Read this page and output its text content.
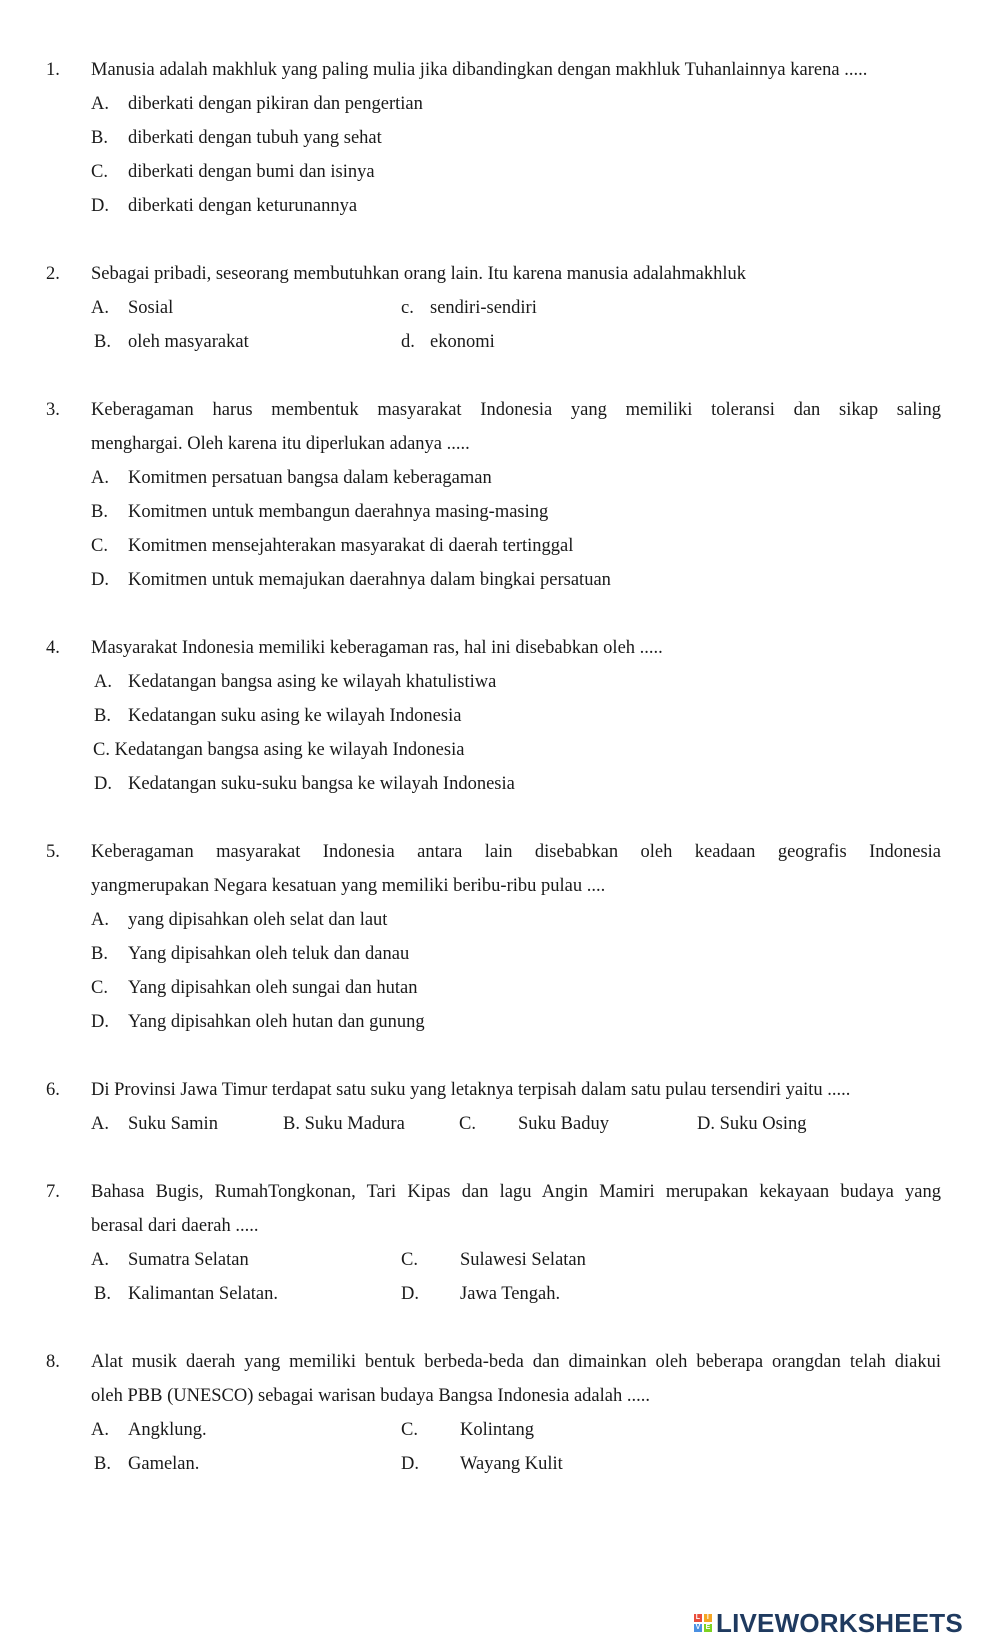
1. Manusia adalah makhluk yang paling mulia jika dibandingkan dengan makhluk Tuhanlainnya karena .....
A. diberkati dengan pikiran dan pengertian
B. diberkati dengan tubuh yang sehat
C. diberkati dengan bumi dan isinya
D. diberkati dengan keturunannya
2. Sebagai pribadi, seseorang membutuhkan orang lain. Itu karena manusia adalahmakhluk
A. Sosial	c. sendiri-sendiri
B. oleh masyarakat	d. ekonomi
3. Keberagaman harus membentuk masyarakat Indonesia yang memiliki toleransi dan sikap saling
menghargai. Oleh karena itu diperlukan adanya .....
A. Komitmen persatuan bangsa dalam keberagaman
B. Komitmen untuk membangun daerahnya masing-masing
C. Komitmen mensejahterakan masyarakat di daerah tertinggal
D. Komitmen untuk memajukan daerahnya dalam bingkai persatuan
4. Masyarakat Indonesia memiliki keberagaman ras, hal ini disebabkan oleh .....
A. Kedatangan bangsa asing ke wilayah khatulistiwa
B. Kedatangan suku asing ke wilayah Indonesia
C. Kedatangan bangsa asing ke wilayah Indonesia
D. Kedatangan suku-suku bangsa ke wilayah Indonesia
5. Keberagaman masyarakat Indonesia antara lain disebabkan oleh keadaan geografis Indonesia
yangmerupakan Negara kesatuan yang memiliki beribu-ribu pulau ....
A. yang dipisahkan oleh selat dan laut
B. Yang dipisahkan oleh teluk dan danau
C. Yang dipisahkan oleh sungai dan hutan
D. Yang dipisahkan oleh hutan dan gunung
6. Di Provinsi Jawa Timur terdapat satu suku yang letaknya terpisah dalam satu pulau tersendiri yaitu .....
A. Suku Samin	B. Suku Madura	C. Suku Baduy	D. Suku Osing
7. Bahasa Bugis, RumahTongkonan, Tari Kipas dan lagu Angin Mamiri merupakan kekayaan budaya yang
berasal dari daerah .....
A. Sumatra Selatan	C. Sulawesi Selatan
B. Kalimantan Selatan.	D. Jawa Tengah.
8. Alat musik daerah yang memiliki bentuk berbeda-beda dan dimainkan oleh beberapa orangdan telah diakui
oleh PBB (UNESCO) sebagai warisan budaya Bangsa Indonesia adalah .....
A. Angklung.	C. Kolintang
B. Gamelan.	D. Wayang Kulit
L I
V E LIVEWORKSHEETS
